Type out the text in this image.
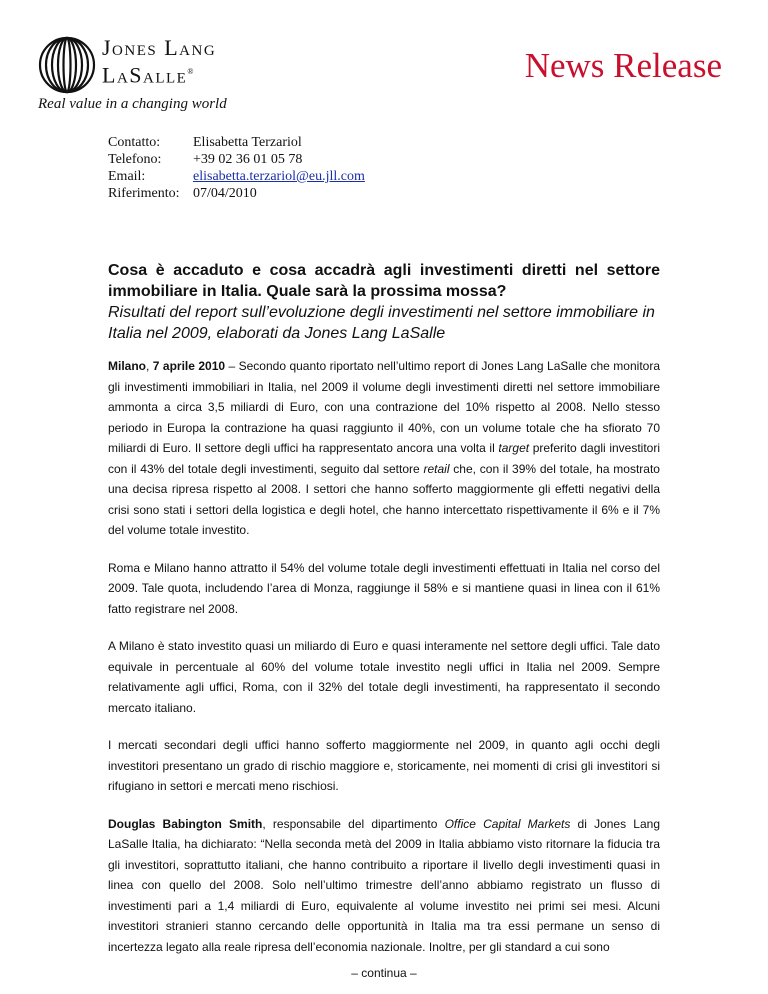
Jones Lang
LaSalle®
Real value in a changing world
News Release
Contatto:	Elisabetta Terzariol
Telefono:	+39 02 36 01 05 78
Email:	elisabetta.terzariol@eu.jll.com
Riferimento: 07/04/2010

Cosa è accaduto e cosa accadrà agli investimenti diretti nel settore immobiliare in Italia. Quale sarà la prossima mossa?

Risultati del report sull’evoluzione degli investimenti nel settore immobiliare in Italia nel 2009, elaborati da Jones Lang LaSalle

Milano, 7 aprile 2010 – Secondo quanto riportato nell’ultimo report di Jones Lang LaSalle che monitora gli investimenti immobiliari in Italia, nel 2009 il volume degli investimenti diretti nel settore immobiliare ammonta a circa 3,5 miliardi di Euro, con una contrazione del 10% rispetto al 2008. Nello stesso periodo in Europa la contrazione ha quasi raggiunto il 40%, con un volume totale che ha sfiorato 70 miliardi di Euro. Il settore degli uffici ha rappresentato ancora una volta il target preferito dagli investitori con il 43% del totale degli investimenti, seguito dal settore retail che, con il 39% del totale, ha mostrato una decisa ripresa rispetto al 2008. I settori che hanno sofferto maggiormente gli effetti negativi della crisi sono stati i settori della logistica e degli hotel, che hanno intercettato rispettivamente il 6% e il 7% del volume totale investito.

Roma e Milano hanno attratto il 54% del volume totale degli investimenti effettuati in Italia nel corso del 2009. Tale quota, includendo l’area di Monza, raggiunge il 58% e si mantiene quasi in linea con il 61% fatto registrare nel 2008.

A Milano è stato investito quasi un miliardo di Euro e quasi interamente nel settore degli uffici. Tale dato equivale in percentuale al 60% del volume totale investito negli uffici in Italia nel 2009. Sempre relativamente agli uffici, Roma, con il 32% del totale degli investimenti, ha rappresentato il secondo mercato italiano.

I mercati secondari degli uffici hanno sofferto maggiormente nel 2009, in quanto agli occhi degli investitori presentano un grado di rischio maggiore e, storicamente, nei momenti di crisi gli investitori si rifugiano in settori e mercati meno rischiosi.

Douglas Babington Smith, responsabile del dipartimento Office Capital Markets di Jones Lang LaSalle Italia, ha dichiarato: “Nella seconda metà del 2009 in Italia abbiamo visto ritornare la fiducia tra gli investitori, soprattutto italiani, che hanno contribuito a riportare il livello degli investimenti quasi in linea con quello del 2008. Solo nell’ultimo trimestre dell’anno abbiamo registrato un flusso di investimenti pari a 1,4 miliardi di Euro, equivalente al volume investito nei primi sei mesi. Alcuni investitori stranieri stanno cercando delle opportunità in Italia ma tra essi permane un senso di incertezza legato alla reale ripresa dell’economia nazionale. Inoltre, per gli standard a cui sono

– continua –
